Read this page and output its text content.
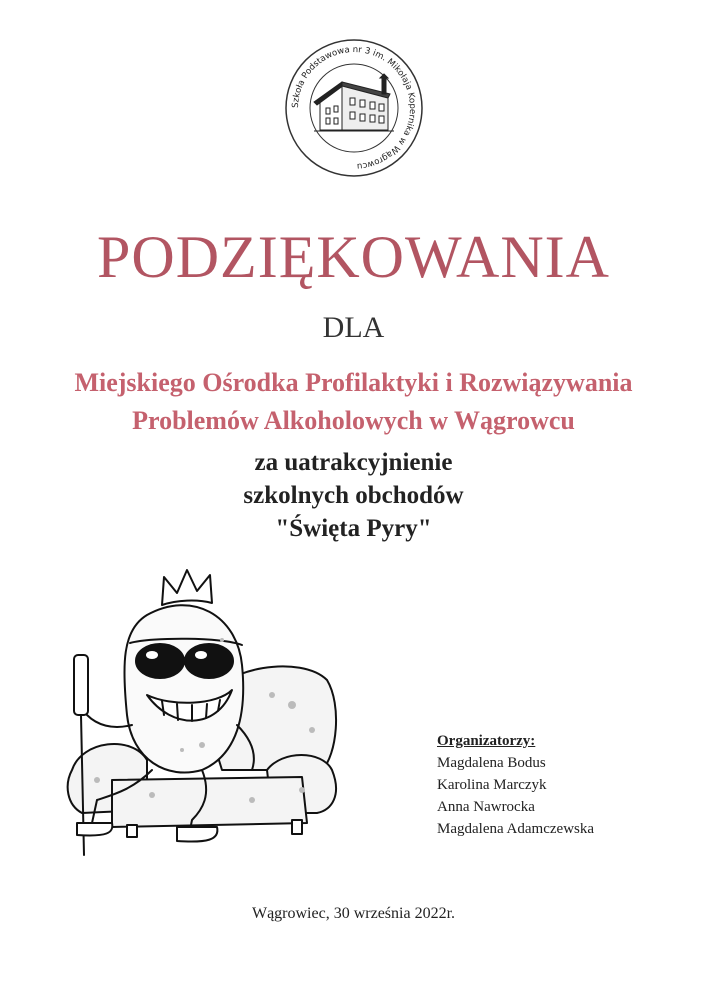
Szkoła Podstawowa nr 3 im. Mikołaja Kopernika w Wągrowcu
PODZIĘKOWANIA
DLA
Miejskiego Ośrodka Profilaktyki i Rozwiązywania
Problemów Alkoholowych w Wągrowcu
za uatrakcyjnienie
szkolnych obchodów
"Święta Pyry"
Organizatorzy:
Magdalena Bodus
Karolina Marczyk
Anna Nawrocka
Magdalena Adamczewska
Wągrowiec, 30 września 2022r.
